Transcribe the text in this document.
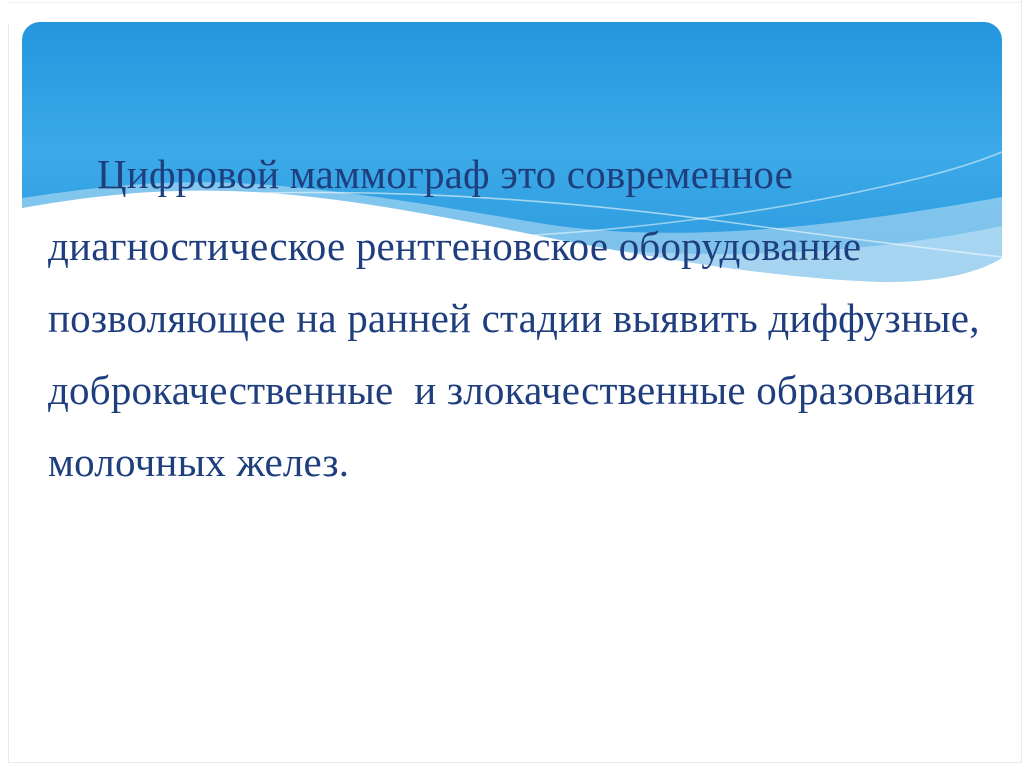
Цифровой маммограф это современное
диагностическое рентгеновское оборудование
позволяющее на ранней стадии выявить диффузные,
доброкачественные  и злокачественные образования
молочных желез.
